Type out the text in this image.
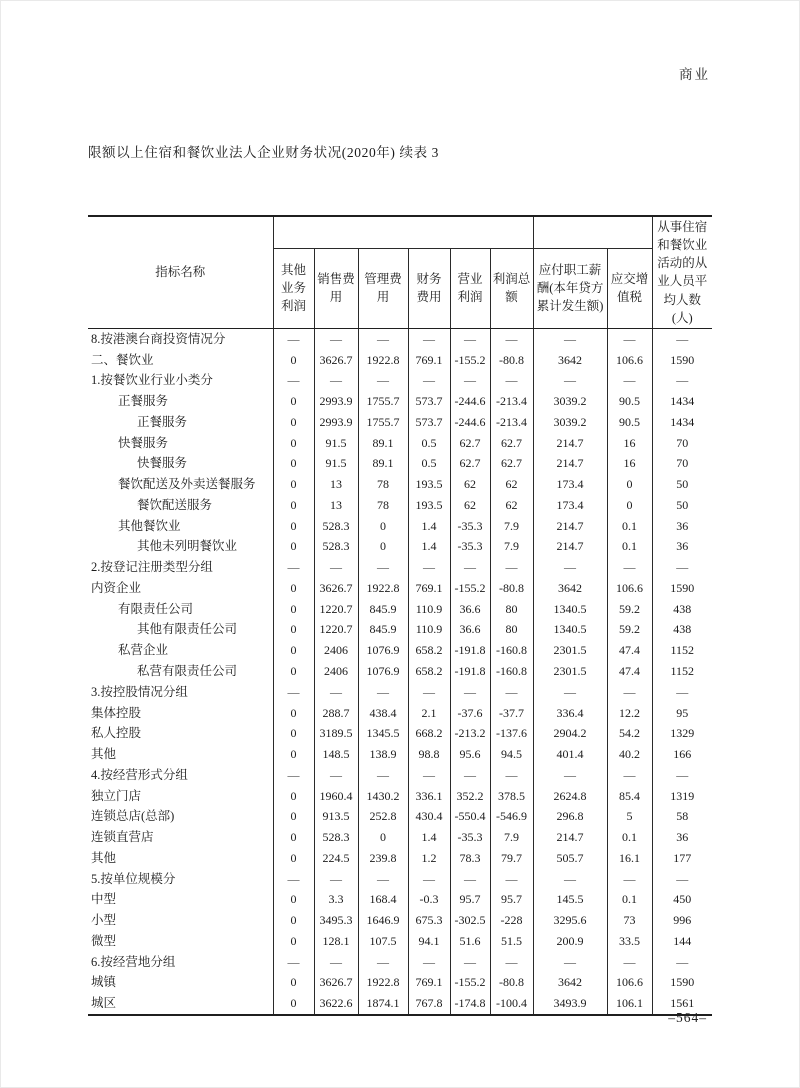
商业
限额以上住宿和餐饮业法人企业财务状况(2020年) 续表 3
指标名称									从事住宿和餐饮业活动的从业人员平均人数(人)
	其他业务利润	销售费用	管理费用	财务费用	营业利润	利润总额	应付职工薪酬(本年贷方累计发生额)	应交增值税	
8.按港澳台商投资情况分	—	—	—	—	—	—	—	—	—
二、餐饮业	0	3626.7	1922.8	769.1	-155.2	-80.8	3642	106.6	1590
1.按餐饮业行业小类分	—	—	—	—	—	—	—	—	—
正餐服务	0	2993.9	1755.7	573.7	-244.6	-213.4	3039.2	90.5	1434
正餐服务	0	2993.9	1755.7	573.7	-244.6	-213.4	3039.2	90.5	1434
快餐服务	0	91.5	89.1	0.5	62.7	62.7	214.7	16	70
快餐服务	0	91.5	89.1	0.5	62.7	62.7	214.7	16	70
餐饮配送及外卖送餐服务	0	13	78	193.5	62	62	173.4	0	50
餐饮配送服务	0	13	78	193.5	62	62	173.4	0	50
其他餐饮业	0	528.3	0	1.4	-35.3	7.9	214.7	0.1	36
其他未列明餐饮业	0	528.3	0	1.4	-35.3	7.9	214.7	0.1	36
2.按登记注册类型分组	—	—	—	—	—	—	—	—	—
内资企业	0	3626.7	1922.8	769.1	-155.2	-80.8	3642	106.6	1590
有限责任公司	0	1220.7	845.9	110.9	36.6	80	1340.5	59.2	438
其他有限责任公司	0	1220.7	845.9	110.9	36.6	80	1340.5	59.2	438
私营企业	0	2406	1076.9	658.2	-191.8	-160.8	2301.5	47.4	1152
私营有限责任公司	0	2406	1076.9	658.2	-191.8	-160.8	2301.5	47.4	1152
3.按控股情况分组	—	—	—	—	—	—	—	—	—
集体控股	0	288.7	438.4	2.1	-37.6	-37.7	336.4	12.2	95
私人控股	0	3189.5	1345.5	668.2	-213.2	-137.6	2904.2	54.2	1329
其他	0	148.5	138.9	98.8	95.6	94.5	401.4	40.2	166
4.按经营形式分组	—	—	—	—	—	—	—	—	—
独立门店	0	1960.4	1430.2	336.1	352.2	378.5	2624.8	85.4	1319
连锁总店(总部)	0	913.5	252.8	430.4	-550.4	-546.9	296.8	5	58
连锁直营店	0	528.3	0	1.4	-35.3	7.9	214.7	0.1	36
其他	0	224.5	239.8	1.2	78.3	79.7	505.7	16.1	177
5.按单位规模分	—	—	—	—	—	—	—	—	—
中型	0	3.3	168.4	-0.3	95.7	95.7	145.5	0.1	450
小型	0	3495.3	1646.9	675.3	-302.5	-228	3295.6	73	996
微型	0	128.1	107.5	94.1	51.6	51.5	200.9	33.5	144
6.按经营地分组	—	—	—	—	—	—	—	—	—
城镇	0	3626.7	1922.8	769.1	-155.2	-80.8	3642	106.6	1590
城区	0	3622.6	1874.1	767.8	-174.8	-100.4	3493.9	106.1	1561
–564–
